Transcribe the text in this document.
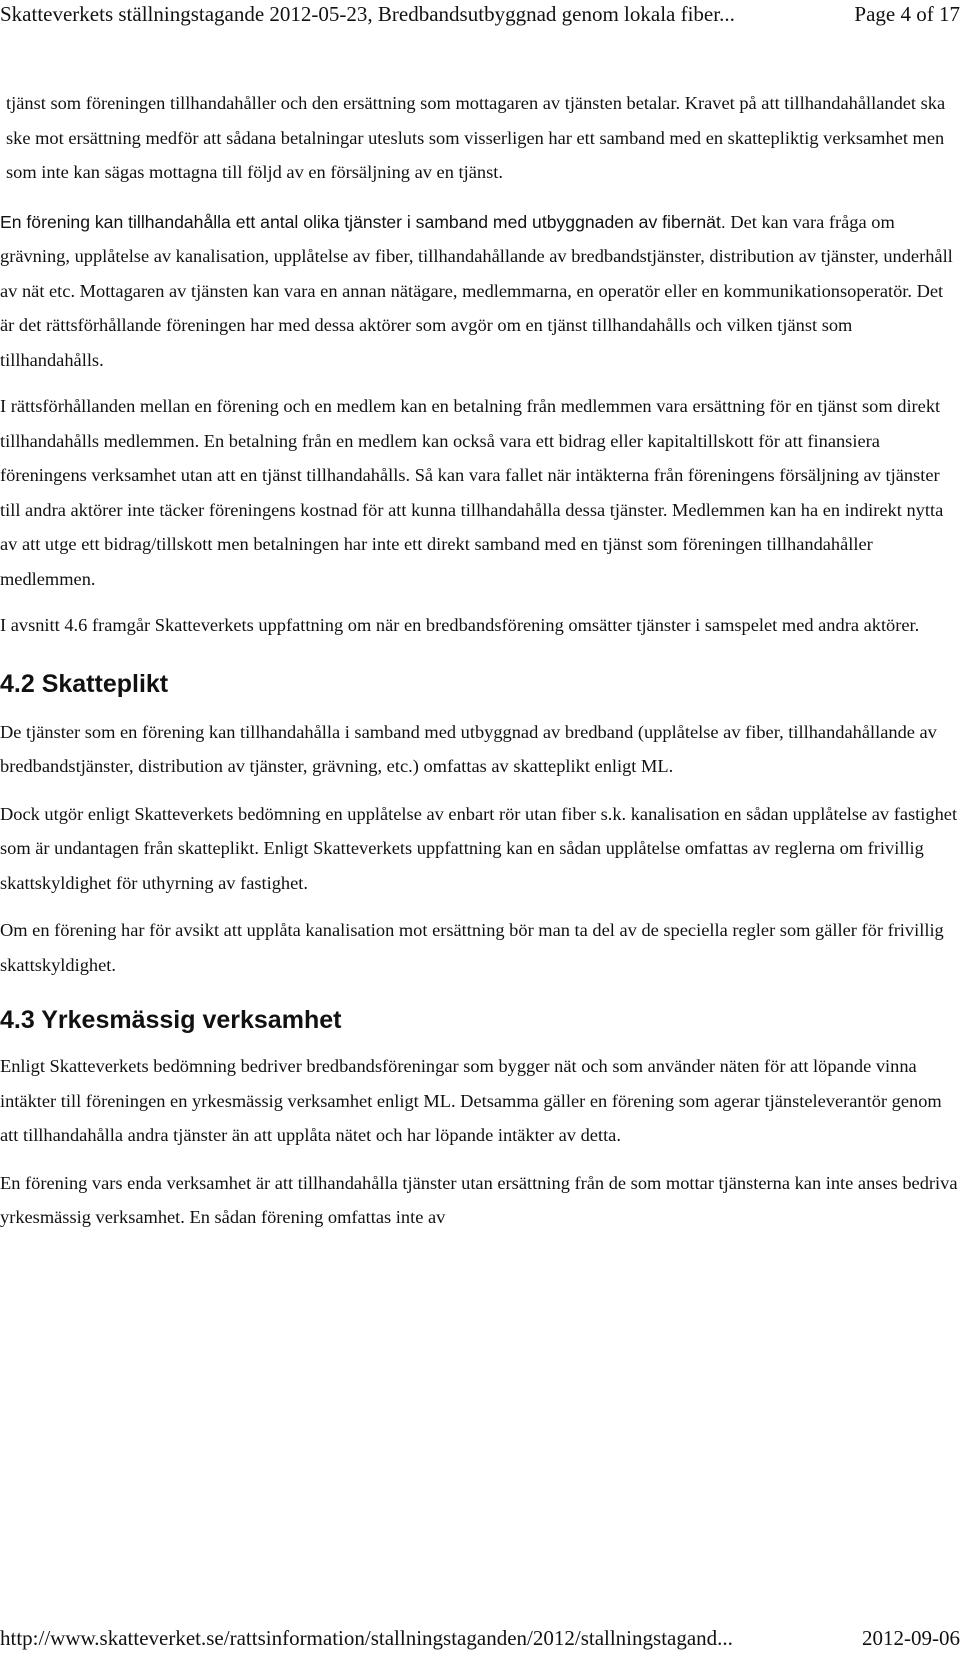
Skatteverkets ställningstagande 2012-05-23, Bredbandsutbyggnad genom lokala fiber...	Page 4 of 17

tjänst som föreningen tillhandahåller och den ersättning som mottagaren av tjänsten betalar. Kravet på att tillhandahållandet ska ske mot ersättning medför att sådana betalningar utesluts som visserligen har ett samband med en skattepliktig verksamhet men som inte kan sägas mottagna till följd av en försäljning av en tjänst.

En förening kan tillhandahålla ett antal olika tjänster i samband med utbyggnaden av fibernät. Det kan vara fråga om grävning, upplåtelse av kanalisation, upplåtelse av fiber, tillhandahållande av bredbandstjänster, distribution av tjänster, underhåll av nät etc. Mottagaren av tjänsten kan vara en annan nätägare, medlemmarna, en operatör eller en kommunikationsoperatör. Det är det rättsförhållande föreningen har med dessa aktörer som avgör om en tjänst tillhandahålls och vilken tjänst som tillhandahålls.

I rättsförhållanden mellan en förening och en medlem kan en betalning från medlemmen vara ersättning för en tjänst som direkt tillhandahålls medlemmen. En betalning från en medlem kan också vara ett bidrag eller kapitaltillskott för att finansiera föreningens verksamhet utan att en tjänst tillhandahålls. Så kan vara fallet när intäkterna från föreningens försäljning av tjänster till andra aktörer inte täcker föreningens kostnad för att kunna tillhandahålla dessa tjänster. Medlemmen kan ha en indirekt nytta av att utge ett bidrag/tillskott men betalningen har inte ett direkt samband med en tjänst som föreningen tillhandahåller medlemmen.

I avsnitt 4.6 framgår Skatteverkets uppfattning om när en bredbandsförening omsätter tjänster i samspelet med andra aktörer.

4.2 Skatteplikt

De tjänster som en förening kan tillhandahålla i samband med utbyggnad av bredband (upplåtelse av fiber, tillhandahållande av bredbandstjänster, distribution av tjänster, grävning, etc.) omfattas av skatteplikt enligt ML.

Dock utgör enligt Skatteverkets bedömning en upplåtelse av enbart rör utan fiber s.k. kanalisation en sådan upplåtelse av fastighet som är undantagen från skatteplikt. Enligt Skatteverkets uppfattning kan en sådan upplåtelse omfattas av reglerna om frivillig skattskyldighet för uthyrning av fastighet.

Om en förening har för avsikt att upplåta kanalisation mot ersättning bör man ta del av de speciella regler som gäller för frivillig skattskyldighet.

4.3 Yrkesmässig verksamhet

Enligt Skatteverkets bedömning bedriver bredbandsföreningar som bygger nät och som använder näten för att löpande vinna intäkter till föreningen en yrkesmässig verksamhet enligt ML. Detsamma gäller en förening som agerar tjänsteleverantör genom att tillhandahålla andra tjänster än att upplåta nätet och har löpande intäkter av detta.

En förening vars enda verksamhet är att tillhandahålla tjänster utan ersättning från de som mottar tjänsterna kan inte anses bedriva yrkesmässig verksamhet. En sådan förening omfattas inte av

http://www.skatteverket.se/rattsinformation/stallningstaganden/2012/stallningstagand...	2012-09-06
